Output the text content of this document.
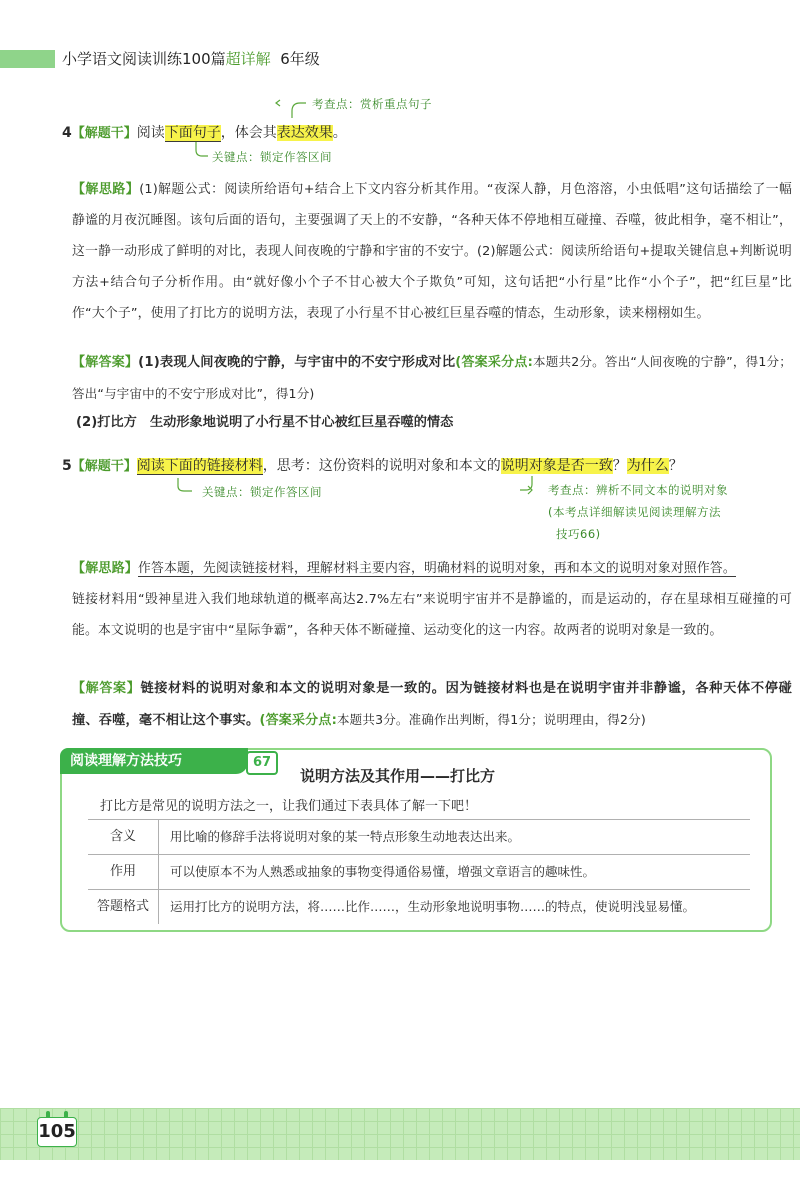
小学语文阅读训练100篇超详解 6年级
考查点：赏析重点句子
关键点：锁定作答区间
4【解题干】阅读下面句子，体会其表达效果。
【解思路】(1)解题公式：阅读所给语句+结合上下文内容分析其作用。“夜深人静，月色溶溶，小虫低唱”这句话描绘了一幅静谧的月夜沉睡图。该句后面的语句，主要强调了天上的不安静，“各种天体不停地相互碰撞、吞噬，彼此相争，毫不相让”，这一静一动形成了鲜明的对比，表现人间夜晚的宁静和宇宙的不安宁。(2)解题公式：阅读所给语句+提取关键信息+判断说明方法+结合句子分析作用。由“就好像小个子不甘心被大个子欺负”可知，这句话把“小行星”比作“小个子”，把“红巨星”比作“大个子”，使用了打比方的说明方法，表现了小行星不甘心被红巨星吞噬的情态，生动形象，读来栩栩如生。
【解答案】(1)表现人间夜晚的宁静，与宇宙中的不安宁形成对比(答案采分点:本题共2分。答出“人间夜晚的宁静”，得1分；答出“与宇宙中的不安宁形成对比”，得1分)
(2)打比方　生动形象地说明了小行星不甘心被红巨星吞噬的情态
5【解题干】阅读下面的链接材料，思考：这份资料的说明对象和本文的说明对象是否一致？为什么？
关键点：锁定作答区间	考查点：辨析不同文本的说明对象
(本考点详细解读见阅读理解方法
技巧66)
【解思路】作答本题，先阅读链接材料，理解材料主要内容，明确材料的说明对象，再和本文的说明对象对照作答。
链接材料用“毁神星进入我们地球轨道的概率高达2.7%左右”来说明宇宙并不是静谧的，而是运动的，存在星球相互碰撞的可能。本文说明的也是宇宙中“星际争霸”，各种天体不断碰撞、运动变化的这一内容。故两者的说明对象是一致的。
【解答案】链接材料的说明对象和本文的说明对象是一致的。因为链接材料也是在说明宇宙并非静谧，各种天体不停碰撞、吞噬，毫不相让这个事实。(答案采分点:本题共3分。准确作出判断，得1分；说明理由，得2分)
阅读理解方法技巧	67
说明方法及其作用——打比方
打比方是常见的说明方法之一，让我们通过下表具体了解一下吧！
含义	用比喻的修辞手法将说明对象的某一特点形象生动地表达出来。
作用	可以使原本不为人熟悉或抽象的事物变得通俗易懂，增强文章语言的趣味性。
答题格式	运用打比方的说明方法，将……比作……，生动形象地说明事物……的特点，使说明浅显易懂。
105
